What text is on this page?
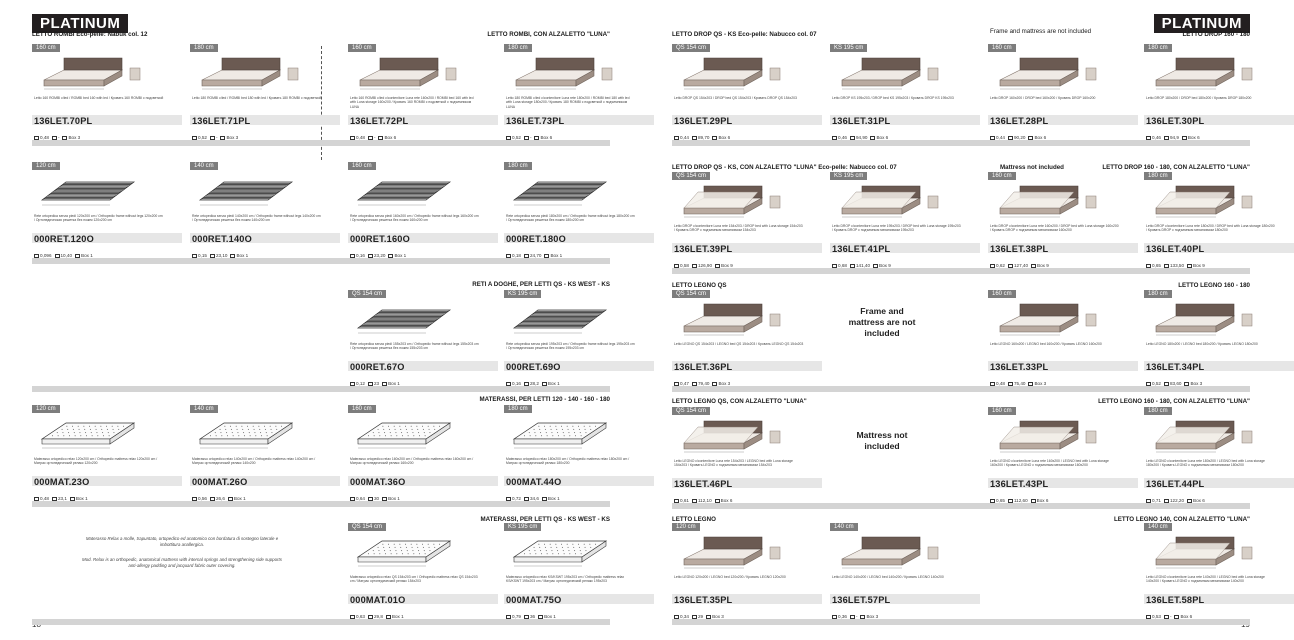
PLATINUM
LETTO ROMBI Eco-pelle: Nabuk col. 12	LETTO ROMBI, CON ALZALETTO "LUNA"
RETI A DOGHE, PER LETTI QS - KS WEST - KS
MATERASSI, PER LETTI 120 - 140 - 160 - 180
MATERASSI, PER LETTI QS - KS WEST - KS
Materasso Relax a molle, trapuntato, ortopedico ed anatomico con bordatura di sostegno laterale e imbottitura anallergica.
Mod. Relax is an orthopedic, anatomical mattress with internal springs and strengthening side supports anti-allergy padding and jacquard fabric outer covering.
160 cm
Letto 160 ROMBI c/led / ROMBI bed 160 with led / Кровать 160 ROMBI с подсветкой
136LET.70PL
0,48 - Box 3
180 cm
Letto 180 ROMBI c/led / ROMBI bed 180 with led / Кровать 180 ROMBI с подсветкой
136LET.71PL
0,52 - Box 3
160 cm
Letto 160 ROMBI c/led c/contenitore Luna rete 160x200 / ROMBI bed 160 with led with Luna storage 160x200 / Кровать 160 ROMBI с подсветкой с подъемником LUNA
136LET.72PL
0,48 - Box 6
180 cm
Letto 180 ROMBI c/led c/contenitore Luna rete 180x200 / ROMBI bed 180 with led with Luna storage 180x200 / Кровать 180 ROMBI с подсветкой с подъемником LUNA
136LET.73PL
0,52 - Box 6
120 cm
Rete ortopedica senza piedi 120x200 cm / Orthopedic frame without legs 120x200 cm / Ортопедическая решетка без ножек 120x200 cm
000RET.120O
0,096 10,40 Box 1
140 cm
Rete ortopedica senza piedi 140x200 cm / Orthopedic frame without legs 140x200 cm / Ортопедическая решетка без ножек 140x200 cm
000RET.140O
0,15 23,10 Box 1
160 cm
Rete ortopedica senza piedi 160x200 cm / Orthopedic frame without legs 160x200 cm / Ортопедическая решетка без ножек 160x200 cm
000RET.160O
0,16 23,20 Box 1
180 cm
Rete ortopedica senza piedi 180x200 cm / Orthopedic frame without legs 180x200 cm / Ортопедическая решетка без ножек 180x200 cm
000RET.180O
0,18 24,70 Box 1
QS 154 cm
Rete ortopedica senza piedi 155x203 cm / Orthopedic frame without legs 155x203 cm / Ортопедическая решетка без ножек 155x203 cm
000RET.67O
0,12 23 Box 1
KS 195 cm
Rete ortopedica senza piedi 195x203 cm / Orthopedic frame without legs 195x203 cm / Ортопедическая решетка без ножек 195x203 cm
000RET.69O
0,16 28,2 Box 1
120 cm
Materasso ortopedico relax 120x200 cm / Orthopedic mattress relax 120x200 cm / Матрас ортопедический релакс 120x200
000MAT.23O
0,48 23,1 Box 1
140 cm
Materasso ortopedico relax 140x200 cm / Orthopedic mattress relax 140x200 cm / Матрас ортопедический релакс 140x200
000MAT.26O
0,56 26,6 Box 1
160 cm
Materasso ortopedico relax 160x200 cm / Orthopedic mattress relax 160x200 cm / Матрас ортопедический релакс 160x200
000MAT.36O
0,64 30 Box 1
180 cm
Materasso ortopedico relax 180x200 cm / Orthopedic mattress relax 180x200 cm / Матрас ортопедический релакс 180x200
000MAT.44O
0,72 34,6 Box 1
QS 154 cm
Materasso ortopedico relax QS 154x203 cm / Orthopedic mattress relax QS 154x203 cm / Матрас ортопедический релакс 154x203
000MAT.01O
0,63 29,8 Box 1
KS 195 cm
Materasso ortopedico relax KS/KSWT 195x203 cm / Orthopedic mattress relax KS/KSWT 195x203 cm / Матрас ортопедический релакс 195x203
000MAT.75O
0,79 36 Box 1
PLATINUM
LETTO DROP QS - KS Eco-pelle: Nabucco col. 07	Frame and mattress are not included	LETTO DROP 160 - 180
LETTO DROP QS - KS, CON ALZALETTO "LUNA" Eco-pelle: Nabucco col. 07	Mattress not included	LETTO DROP 160 - 180, CON ALZALETTO "LUNA"
LETTO LEGNO QS	LETTO LEGNO 160 - 180
LETTO LEGNO QS, CON ALZALETTO "LUNA"	LETTO LEGNO 160 - 180, CON ALZALETTO "LUNA"
LETTO LEGNO	LETTO LEGNO 140, CON ALZALETTO "LUNA"
Frame and mattress are not included
Mattress not included
QS 154 cm
Letto DROP QS 154x203 / DROP bed QS 154x203 / Кровать DROP QS 154x203
136LET.29PL
0,44 89,70 Box 6
KS 195 cm
Letto DROP KS 195x203 / DROP bed KS 195x203 / Кровать DROP KS 195x203
136LET.31PL
0,46 94,90 Box 6
160 cm
Letto DROP 160x200 / DROP bed 160x200 / Кровать DROP 160x200
136LET.28PL
0,44 90,20 Box 6
180 cm
Letto DROP 180x200 / DROP bed 180x200 / Кровать DROP 180x200
136LET.30PL
0,46 94,9 Box 6
QS 154 cm
Letto DROP c/contenitore Luna rete 154x203 / DROP bed with Luna storage 154x203 / Кровать DROP с подъемным механизмом 154x203
136LET.39PL
0,58 126,90 Box 9
KS 195 cm
Letto DROP c/contenitore Luna rete 195x203 / DROP bed with Luna storage 195x203 / Кровать DROP с подъемным механизмом 195x203
136LET.41PL
0,68 141,40 Box 9
160 cm
Letto DROP c/contenitore Luna rete 160x200 / DROP bed with Luna storage 160x200 / Кровать DROP с подъемным механизмом 160x200
136LET.38PL
0,62 127,40 Box 9
180 cm
Letto DROP c/contenitore Luna rete 180x200 / DROP bed with Luna storage 180x200 / Кровать DROP с подъемным механизмом 180x200
136LET.40PL
0,65 133,50 Box 9
QS 154 cm
Letto LEGNO QS 154x203 / LEGNO bed QS 154x203 / Кровать LEGNO QS 154x203
136LET.36PL
0,47 79,40 Box 3
160 cm
Letto LEGNO 160x200 / LEGNO bed 160x200 / Кровать LEGNO 160x200
136LET.33PL
0,48 75,40 Box 3
180 cm
Letto LEGNO 180x200 / LEGNO bed 180x200 / Кровать LEGNO 180x200
136LET.34PL
0,52 83,60 Box 3
QS 154 cm
Letto LEGNO c/contenitore Luna rete 154x203 / LEGNO bed with Luna storage 154x203 / Кровать LEGNO с подъемным механизмом 154x203
136LET.46PL
0,61 112,10 Box 6
160 cm
Letto LEGNO c/contenitore Luna rete 160x200 / LEGNO bed with Luna storage 160x200 / Кровать LEGNO с подъемным механизмом 160x200
136LET.43PL
0,65 112,60 Box 6
180 cm
Letto LEGNO c/contenitore Luna rete 180x200 / LEGNO bed with Luna storage 180x200 / Кровать LEGNO с подъемным механизмом 180x200
136LET.44PL
0,71 122,20 Box 6
120 cm
Letto LEGNO 120x200 / LEGNO bed 120x200 / Кровать LEGNO 120x200
136LET.35PL
0,34 29 Box 3
140 cm
Letto LEGNO 140x200 / LEGNO bed 140x200 / Кровать LEGNO 140x200
136LET.57PL
0,36 - Box 3
140 cm
Letto LEGNO c/contenitore Luna rete 140x200 / LEGNO bed with Luna storage 140x200 / Кровать LEGNO с подъемным механизмом 140x200
136LET.58PL
0,53 - Box 6
